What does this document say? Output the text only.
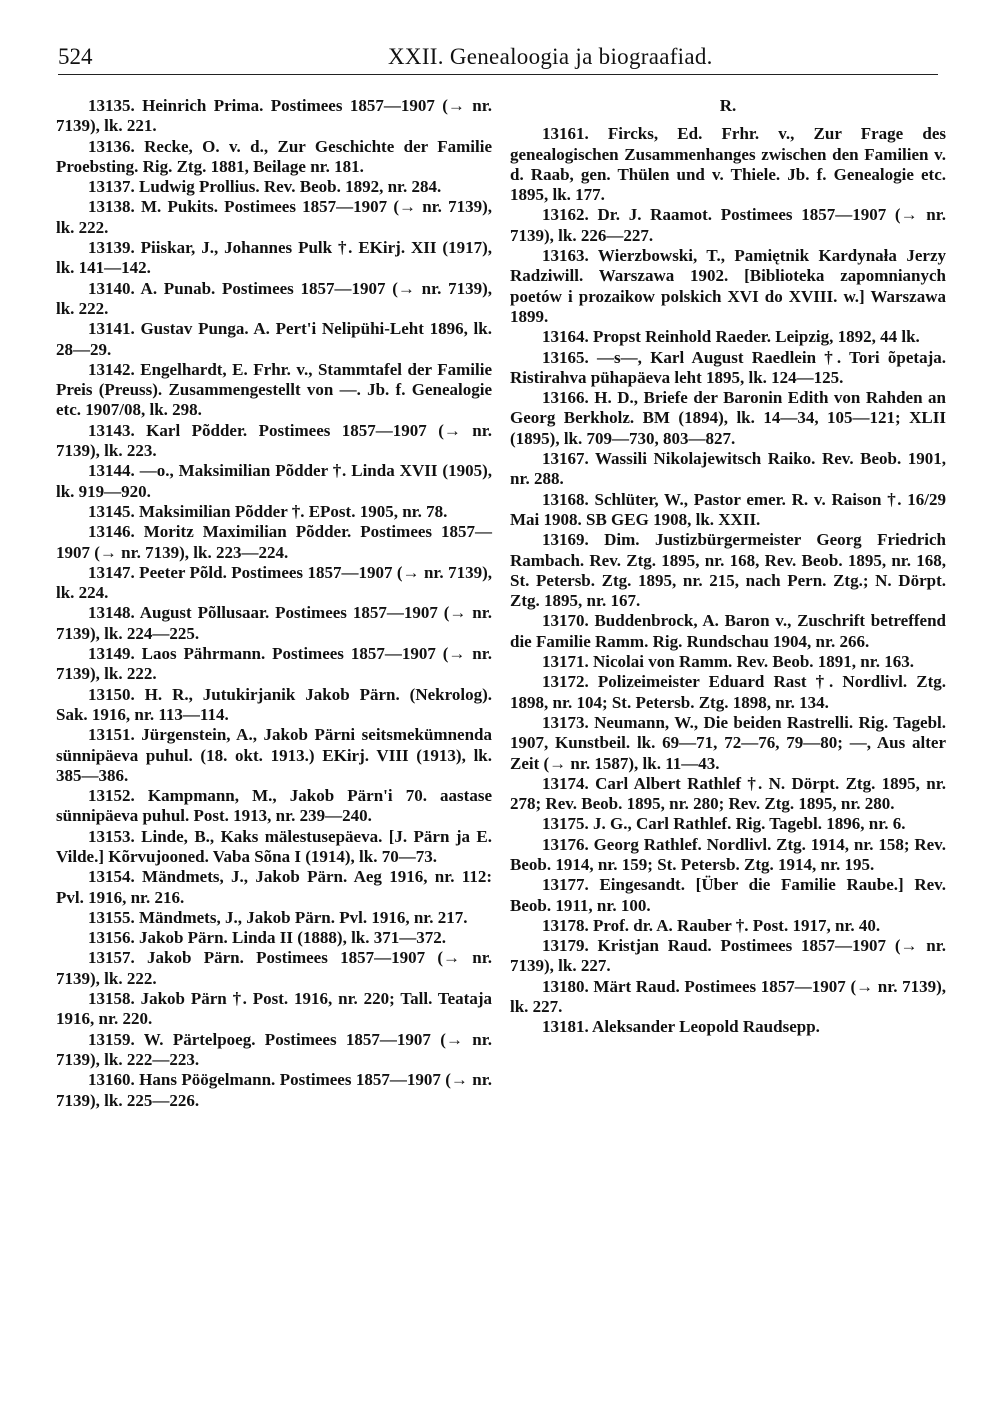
524	XXII. Genealoogia ja biograafiad.

13135. Heinrich Prima. Postimees 1857—1907 (→ nr. 7139), lk. 221.

13136. Recke, O. v. d., Zur Geschichte der Familie Proebsting. Rig. Ztg. 1881, Beilage nr. 181.

13137. Ludwig Prollius. Rev. Beob. 1892, nr. 284.

13138. M. Pukits. Postimees 1857—1907 (→ nr. 7139), lk. 222.

13139. Piiskar, J., Johannes Pulk †. EKirj. XII (1917), lk. 141—142.

13140. A. Punab. Postimees 1857—1907 (→ nr. 7139), lk. 222.

13141. Gustav Punga. A. Pert'i Nelipühi-Leht 1896, lk. 28—29.

13142. Engelhardt, E. Frhr. v., Stammtafel der Familie Preis (Preuss). Zusammengestellt von —. Jb. f. Genealogie etc. 1907/08, lk. 298.

13143. Karl Põdder. Postimees 1857—1907 (→ nr. 7139), lk. 223.

13144. —o., Maksimilian Põdder †. Linda XVII (1905), lk. 919—920.

13145. Maksimilian Põdder †. EPost. 1905, nr. 78.

13146. Moritz Maximilian Põdder. Postimees 1857—1907 (→ nr. 7139), lk. 223—224.

13147. Peeter Põld. Postimees 1857—1907 (→ nr. 7139), lk. 224.

13148. August Põllusaar. Postimees 1857—1907 (→ nr. 7139), lk. 224—225.

13149. Laos Pährmann. Postimees 1857—1907 (→ nr. 7139), lk. 222.

13150. H. R., Jutukirjanik Jakob Pärn. (Nekrolog). Sak. 1916, nr. 113—114.

13151. Jürgenstein, A., Jakob Pärni seitsmekümnenda sünnipäeva puhul. (18. okt. 1913.) EKirj. VIII (1913), lk. 385—386.

13152. Kampmann, M., Jakob Pärn'i 70. aastase sünnipäeva puhul. Post. 1913, nr. 239—240.

13153. Linde, B., Kaks mälestusepäeva. [J. Pärn ja E. Vilde.] Kõrvujooned. Vaba Sõna I (1914), lk. 70—73.

13154. Mändmets, J., Jakob Pärn. Aeg 1916, nr. 112: Pvl. 1916, nr. 216.

13155. Mändmets, J., Jakob Pärn. Pvl. 1916, nr. 217.

13156. Jakob Pärn. Linda II (1888), lk. 371—372.

13157. Jakob Pärn. Postimees 1857—1907 (→ nr. 7139), lk. 222.

13158. Jakob Pärn †. Post. 1916, nr. 220; Tall. Teataja 1916, nr. 220.

13159. W. Pärtelpoeg. Postimees 1857—1907 (→ nr. 7139), lk. 222—223.

13160. Hans Pöögelmann. Postimees 1857—1907 (→ nr. 7139), lk. 225—226.

R.

13161. Fircks, Ed. Frhr. v., Zur Frage des genealogischen Zusammenhanges zwischen den Familien v. d. Raab, gen. Thülen und v. Thiele. Jb. f. Genealogie etc. 1895, lk. 177.

13162. Dr. J. Raamot. Postimees 1857—1907 (→ nr. 7139), lk. 226—227.

13163. Wierzbowski, T., Pamiętnik Kardynała Jerzy Radziwill. Warszawa 1902. [Biblioteka zapomnianych poetów i prozaikow polskich XVI do XVIII. w.] Warszawa 1899.

13164. Propst Reinhold Raeder. Leipzig, 1892, 44 lk.

13165. —s—, Karl August Raedlein †. Tori õpetaja. Ristirahva pühapäeva leht 1895, lk. 124—125.

13166. H. D., Briefe der Baronin Edith von Rahden an Georg Berkholz. BM (1894), lk. 14—34, 105—121; XLII (1895), lk. 709—730, 803—827.

13167. Wassili Nikolajewitsch Raiko. Rev. Beob. 1901, nr. 288.

13168. Schlüter, W., Pastor emer. R. v. Raison †. 16/29 Mai 1908. SB GEG 1908, lk. XXII.

13169. Dim. Justizbürgermeister Georg Friedrich Rambach. Rev. Ztg. 1895, nr. 168, Rev. Beob. 1895, nr. 168, St. Petersb. Ztg. 1895, nr. 215, nach Pern. Ztg.; N. Dörpt. Ztg. 1895, nr. 167.

13170. Buddenbrock, A. Baron v., Zuschrift betreffend die Familie Ramm. Rig. Rundschau 1904, nr. 266.

13171. Nicolai von Ramm. Rev. Beob. 1891, nr. 163.

13172. Polizeimeister Eduard Rast †. Nordlivl. Ztg. 1898, nr. 104; St. Petersb. Ztg. 1898, nr. 134.

13173. Neumann, W., Die beiden Rastrelli. Rig. Tagebl. 1907, Kunstbeil. lk. 69—71, 72—76, 79—80; —, Aus alter Zeit (→ nr. 1587), lk. 11—43.

13174. Carl Albert Rathlef †. N. Dörpt. Ztg. 1895, nr. 278; Rev. Beob. 1895, nr. 280; Rev. Ztg. 1895, nr. 280.

13175. J. G., Carl Rathlef. Rig. Tagebl. 1896, nr. 6.

13176. Georg Rathlef. Nordlivl. Ztg. 1914, nr. 158; Rev. Beob. 1914, nr. 159; St. Petersb. Ztg. 1914, nr. 195.

13177. Eingesandt. [Über die Familie Raube.] Rev. Beob. 1911, nr. 100.

13178. Prof. dr. A. Rauber †. Post. 1917, nr. 40.

13179. Kristjan Raud. Postimees 1857—1907 (→ nr. 7139), lk. 227.

13180. Märt Raud. Postimees 1857—1907 (→ nr. 7139), lk. 227.

13181. Aleksander Leopold Raudsepp.
